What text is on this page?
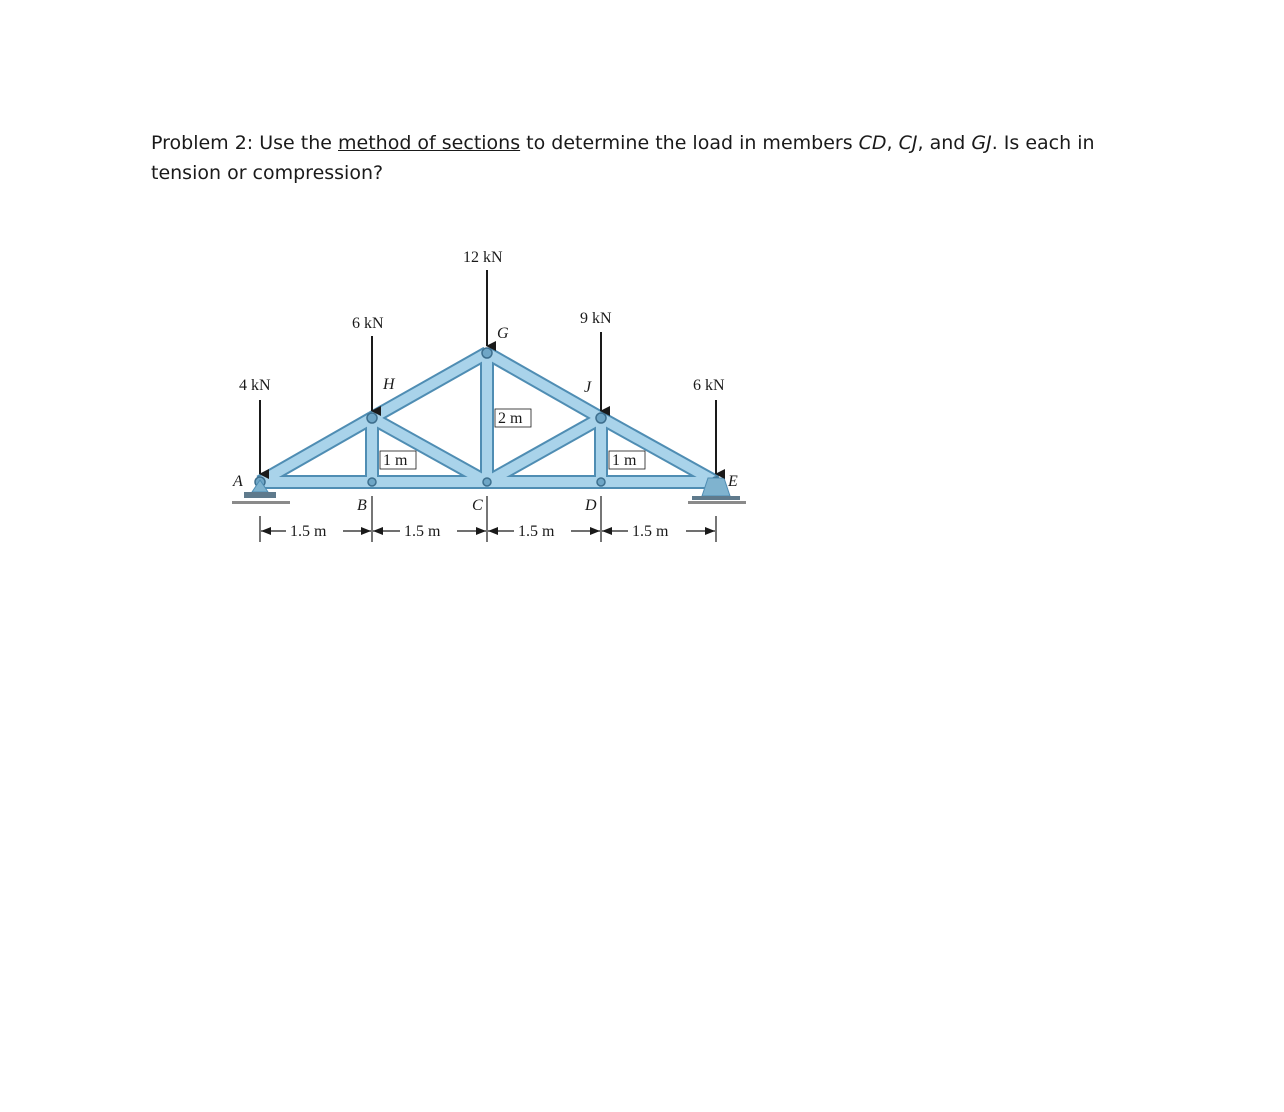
Problem 2: Use the method of sections to determine the load in members CD, CJ, and GJ. Is each in
tension or compression?
4 kN
6 kN
12 kN
9 kN
6 kN
A
B	C	D
E
G
H	J
1 m
2 m
1 m
1.5 m	1.5 m	1.5 m	1.5 m
